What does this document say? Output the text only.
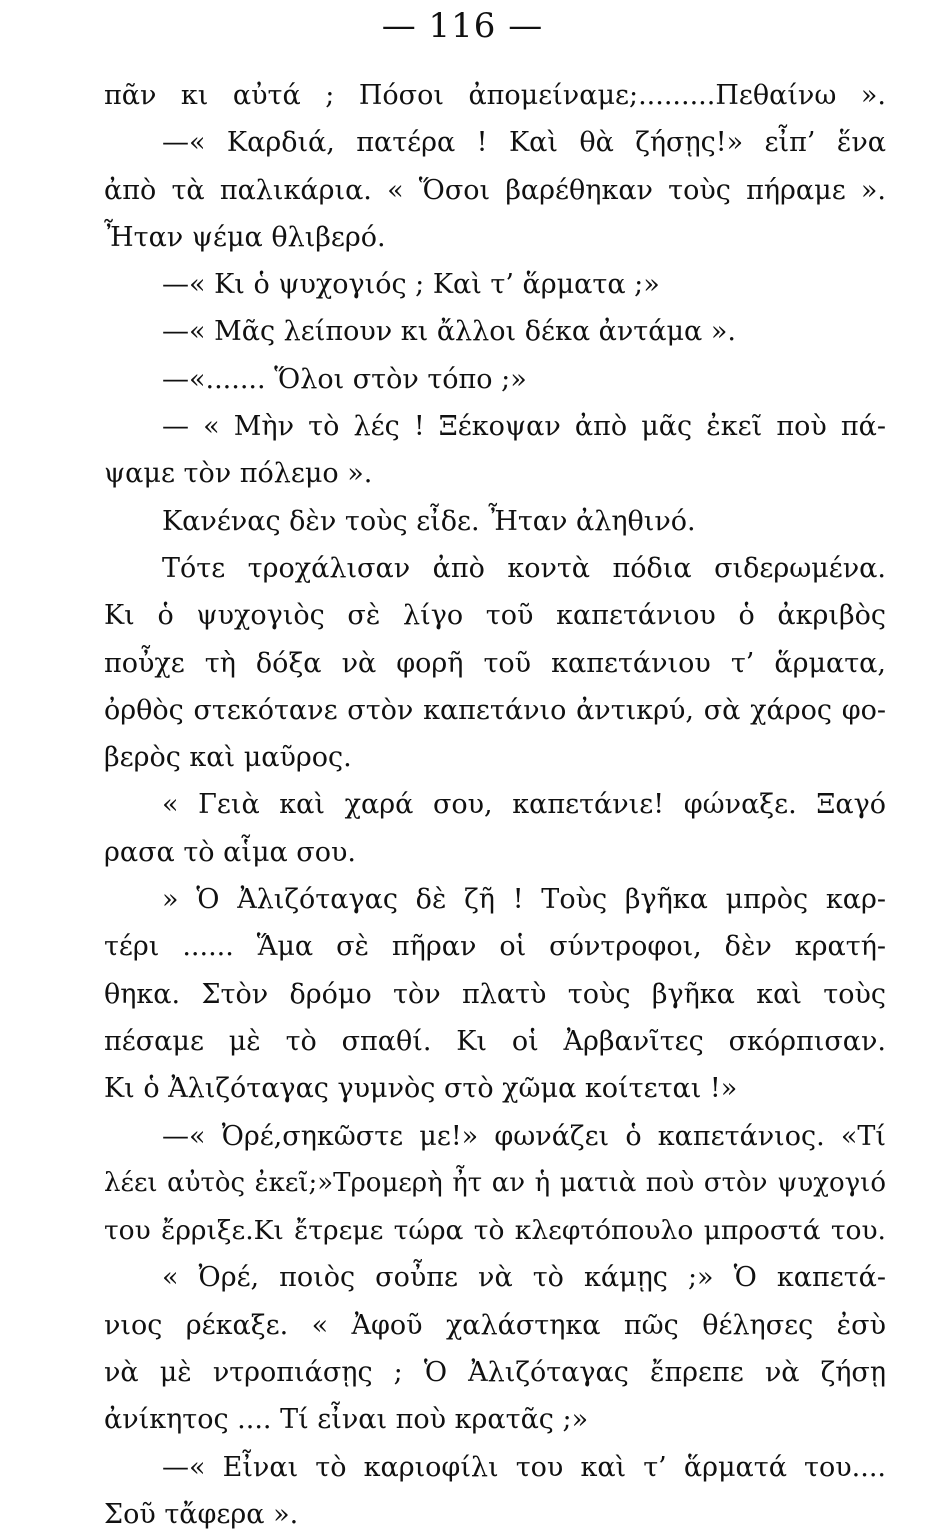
— 116 —
πᾶν κι αὐτά ; Πόσοι ἀπομείναμε;.........Πεθαίνω ».
—« Καρδιά, πατέρα ! Καὶ θὰ ζήσῃς!» εἶπ’ ἕνα
ἀπὸ τὰ παλικάρια. « Ὅσοι βαρέθηκαν τοὺς πήραμε ».
Ἦταν ψέμα θλιβερό.
—« Κι ὁ ψυχογιός ; Καὶ τ’ ἅρματα ;»
—« Μᾶς λείπουν κι ἄλλοι δέκα ἀντάμα ».
—«....... Ὅλοι στὸν τόπο ;»
— « Μὴν τὸ λές ! Ξέκοψαν ἀπὸ μᾶς ἐκεῖ ποὺ πά-
ψαμε τὸν πόλεμο ».
Κανένας δὲν τοὺς εἶδε. Ἦταν ἀληθινό.
Τότε τροχάλισαν ἀπὸ κοντὰ πόδια σιδερωμένα.
Κι ὁ ψυχογιὸς σὲ λίγο τοῦ καπετάνιου ὁ ἀκριβὸς
ποὖχε τὴ δόξα νὰ φορῆ τοῦ καπετάνιου τ’ ἅρματα,
ὀρθὸς στεκότανε στὸν καπετάνιο ἀντικρύ, σὰ χάρος φο-
βερὸς καὶ μαῦρος.
« Γειὰ καὶ χαρά σου, καπετάνιε! φώναξε. Ξαγό
ρασα τὸ αἷμα σου.
» Ὁ Ἀλιζόταγας δὲ ζῆ ! Τοὺς βγῆκα μπρὸς καρ-
τέρι ...... Ἅμα σὲ πῆραν οἱ σύντροφοι, δὲν κρατή-
θηκα. Στὸν δρόμο τὸν πλατὺ τοὺς βγῆκα καὶ τοὺς
πέσαμε μὲ τὸ σπαθί. Κι οἱ Ἀρβανῖτες σκόρπισαν.
Κι ὁ Ἀλιζόταγας γυμνὸς στὸ χῶμα κοίτεται !»
—« Ὀρέ,σηκῶστε με!» φωνάζει ὁ καπετάνιος. «Τί
λέει αὐτὸς ἐκεῖ;»Τρομερὴ ἦτ αν ἡ ματιὰ ποὺ στὸν ψυχογιό
του ἔρριξε.Κι ἔτρεμε τώρα τὸ κλεφτόπουλο μπροστά του.
« Ὀρέ, ποιὸς σοὖπε νὰ τὸ κάμῃς ;» Ὁ καπετά-
νιος ρέκαξε. « Ἀφοῦ χαλάστηκα πῶς θέλησες ἐσὺ
νὰ μὲ ντροπιάσῃς ; Ὁ Ἀλιζόταγας ἔπρεπε νὰ ζήσῃ
ἀνίκητος .... Τί εἶναι ποὺ κρατᾶς ;»
—« Εἶναι τὸ καριοφίλι του καὶ τ’ ἅρματά του....
Σοῦ τἄφερα ».
